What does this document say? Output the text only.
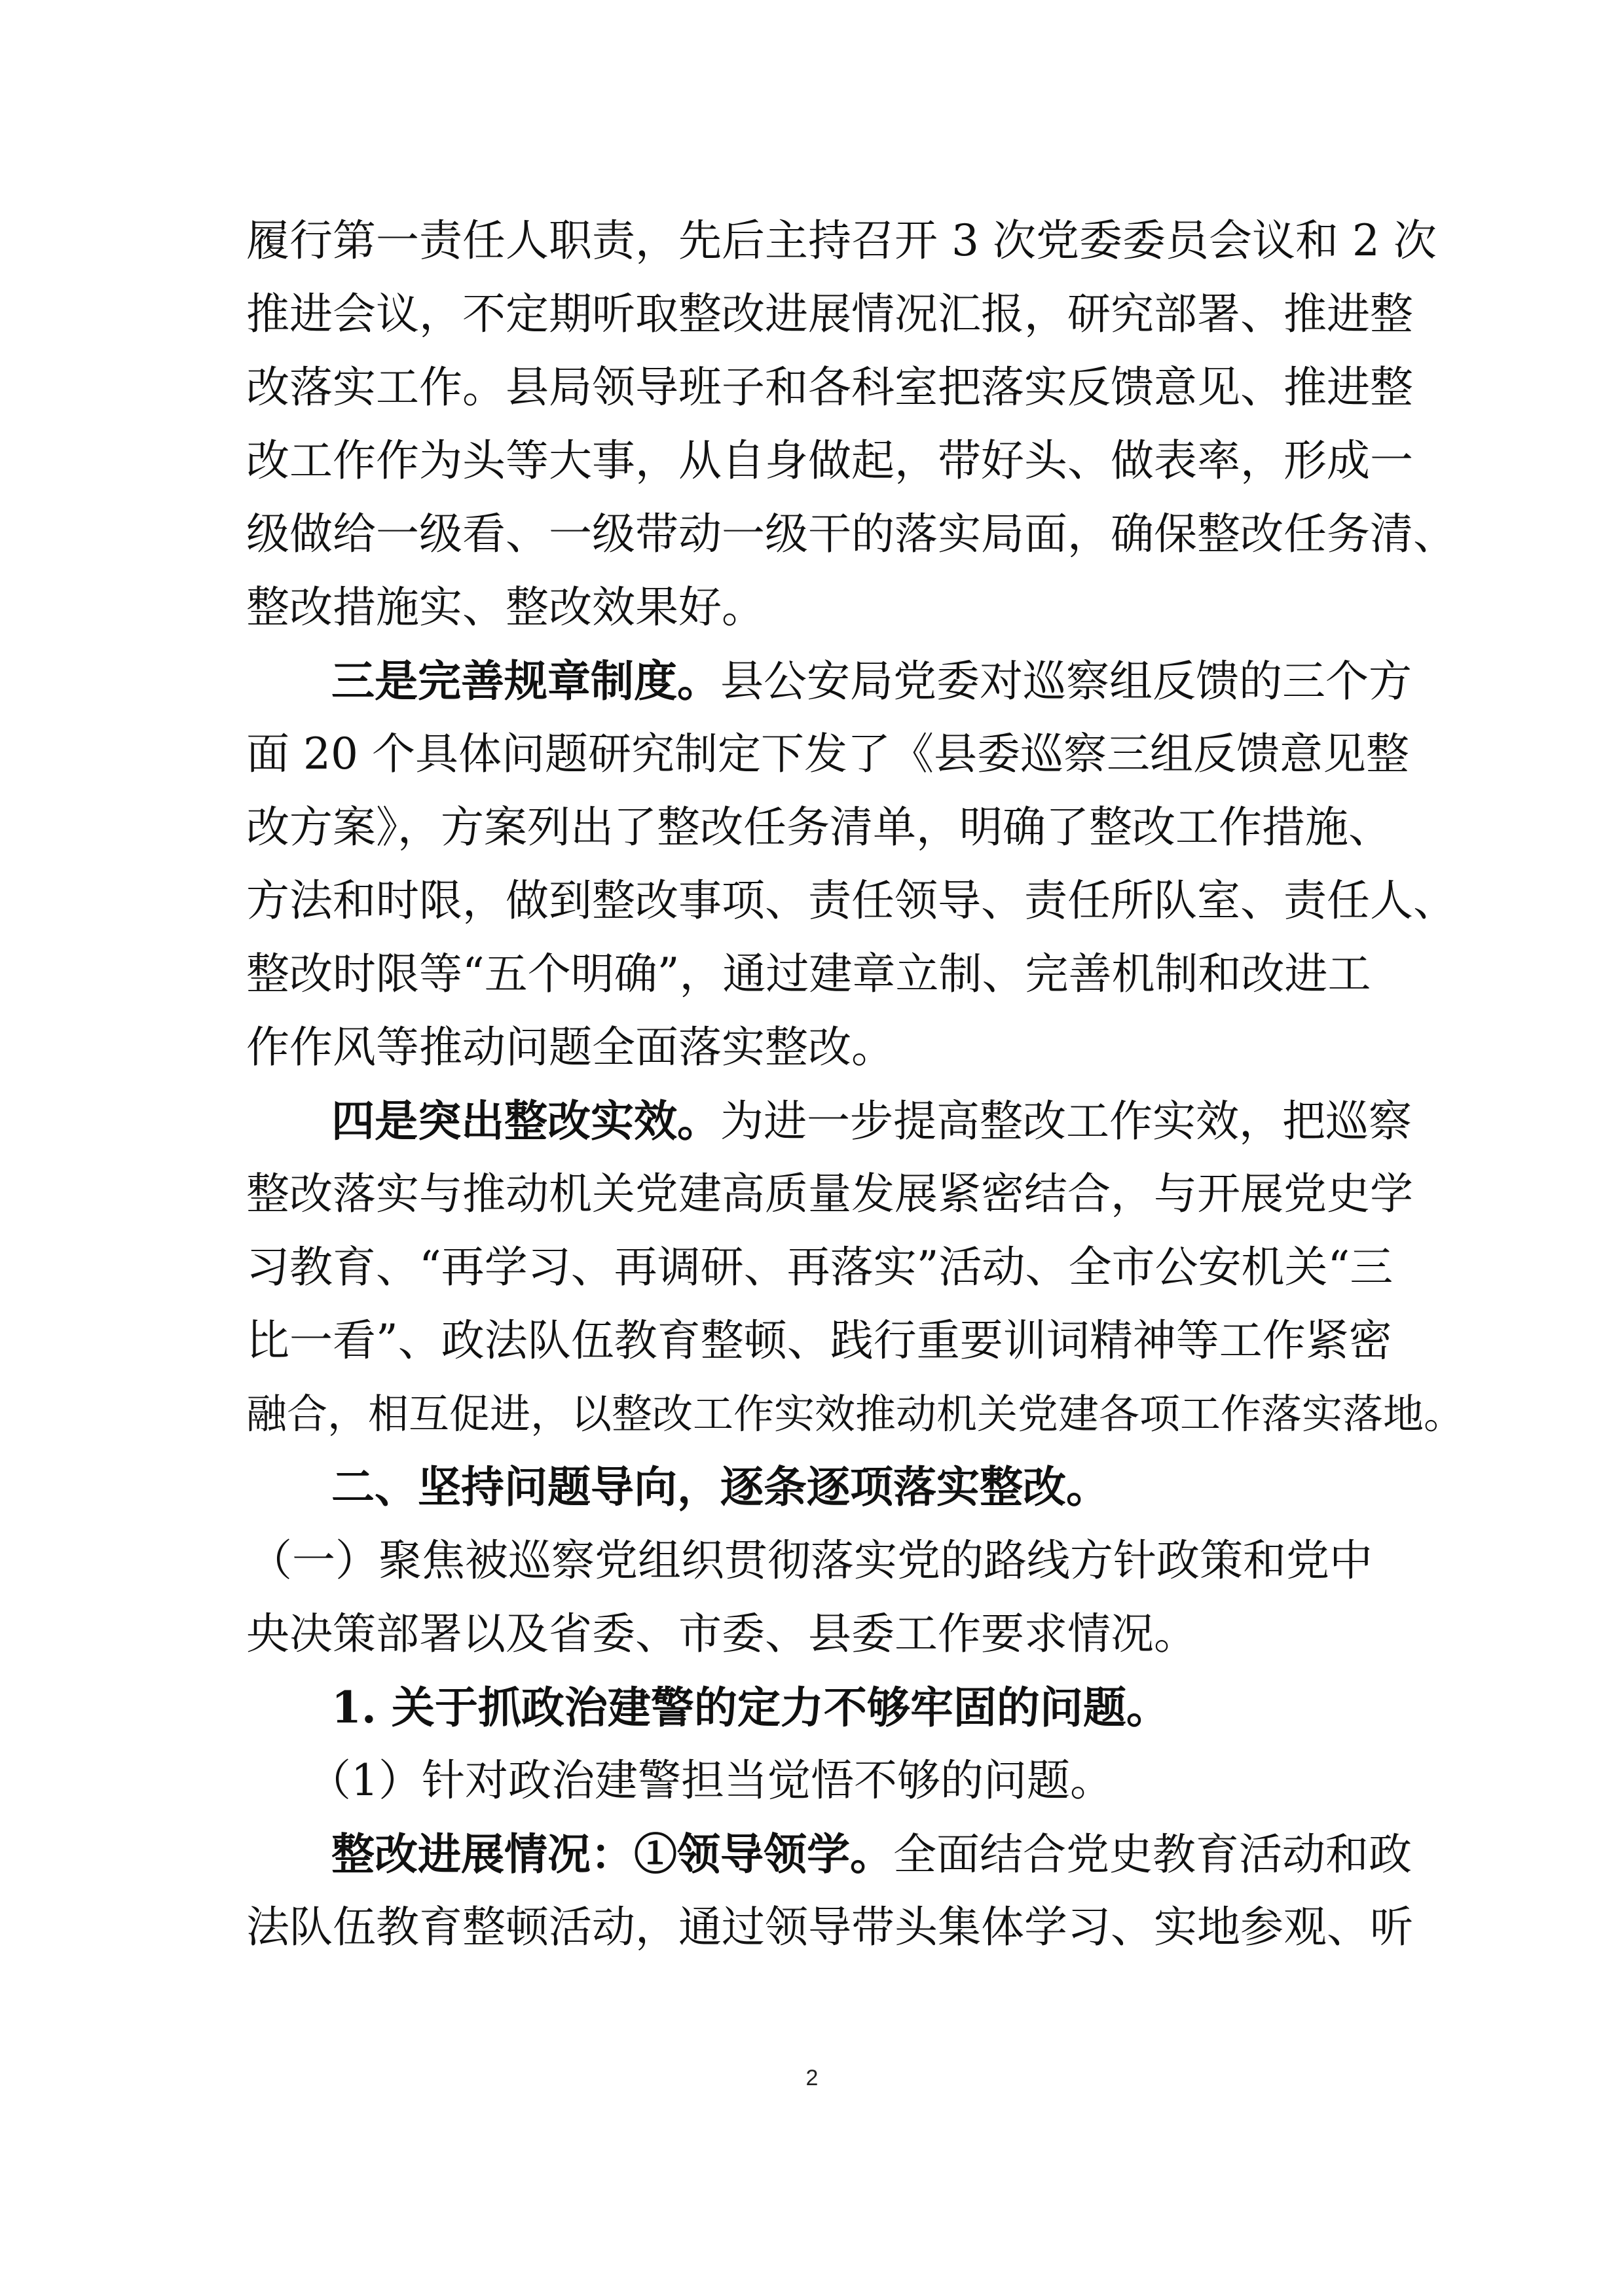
履行第一责任人职责，先后主持召开 3 次党委委员会议和 2 次
推进会议，不定期听取整改进展情况汇报，研究部署、推进整
改落实工作。县局领导班子和各科室把落实反馈意见、推进整
改工作作为头等大事，从自身做起，带好头、做表率，形成一
级做给一级看、一级带动一级干的落实局面，确保整改任务清、
整改措施实、整改效果好。
三是完善规章制度。县公安局党委对巡察组反馈的三个方
面 20 个具体问题研究制定下发了《县委巡察三组反馈意见整
改方案》，方案列出了整改任务清单，明确了整改工作措施、
方法和时限，做到整改事项、责任领导、责任所队室、责任人、
整改时限等“五个明确”，通过建章立制、完善机制和改进工
作作风等推动问题全面落实整改。
四是突出整改实效。为进一步提高整改工作实效，把巡察
整改落实与推动机关党建高质量发展紧密结合，与开展党史学
习教育、“再学习、再调研、再落实”活动、全市公安机关“三
比一看”、政法队伍教育整顿、践行重要训词精神等工作紧密
融合，相互促进，以整改工作实效推动机关党建各项工作落实落地。
二、坚持问题导向，逐条逐项落实整改。
（一）聚焦被巡察党组织贯彻落实党的路线方针政策和党中
央决策部署以及省委、市委、县委工作要求情况。
1. 关于抓政治建警的定力不够牢固的问题。
（1）针对政治建警担当觉悟不够的问题。
整改进展情况：①领导领学。全面结合党史教育活动和政
法队伍教育整顿活动，通过领导带头集体学习、实地参观、听
2
